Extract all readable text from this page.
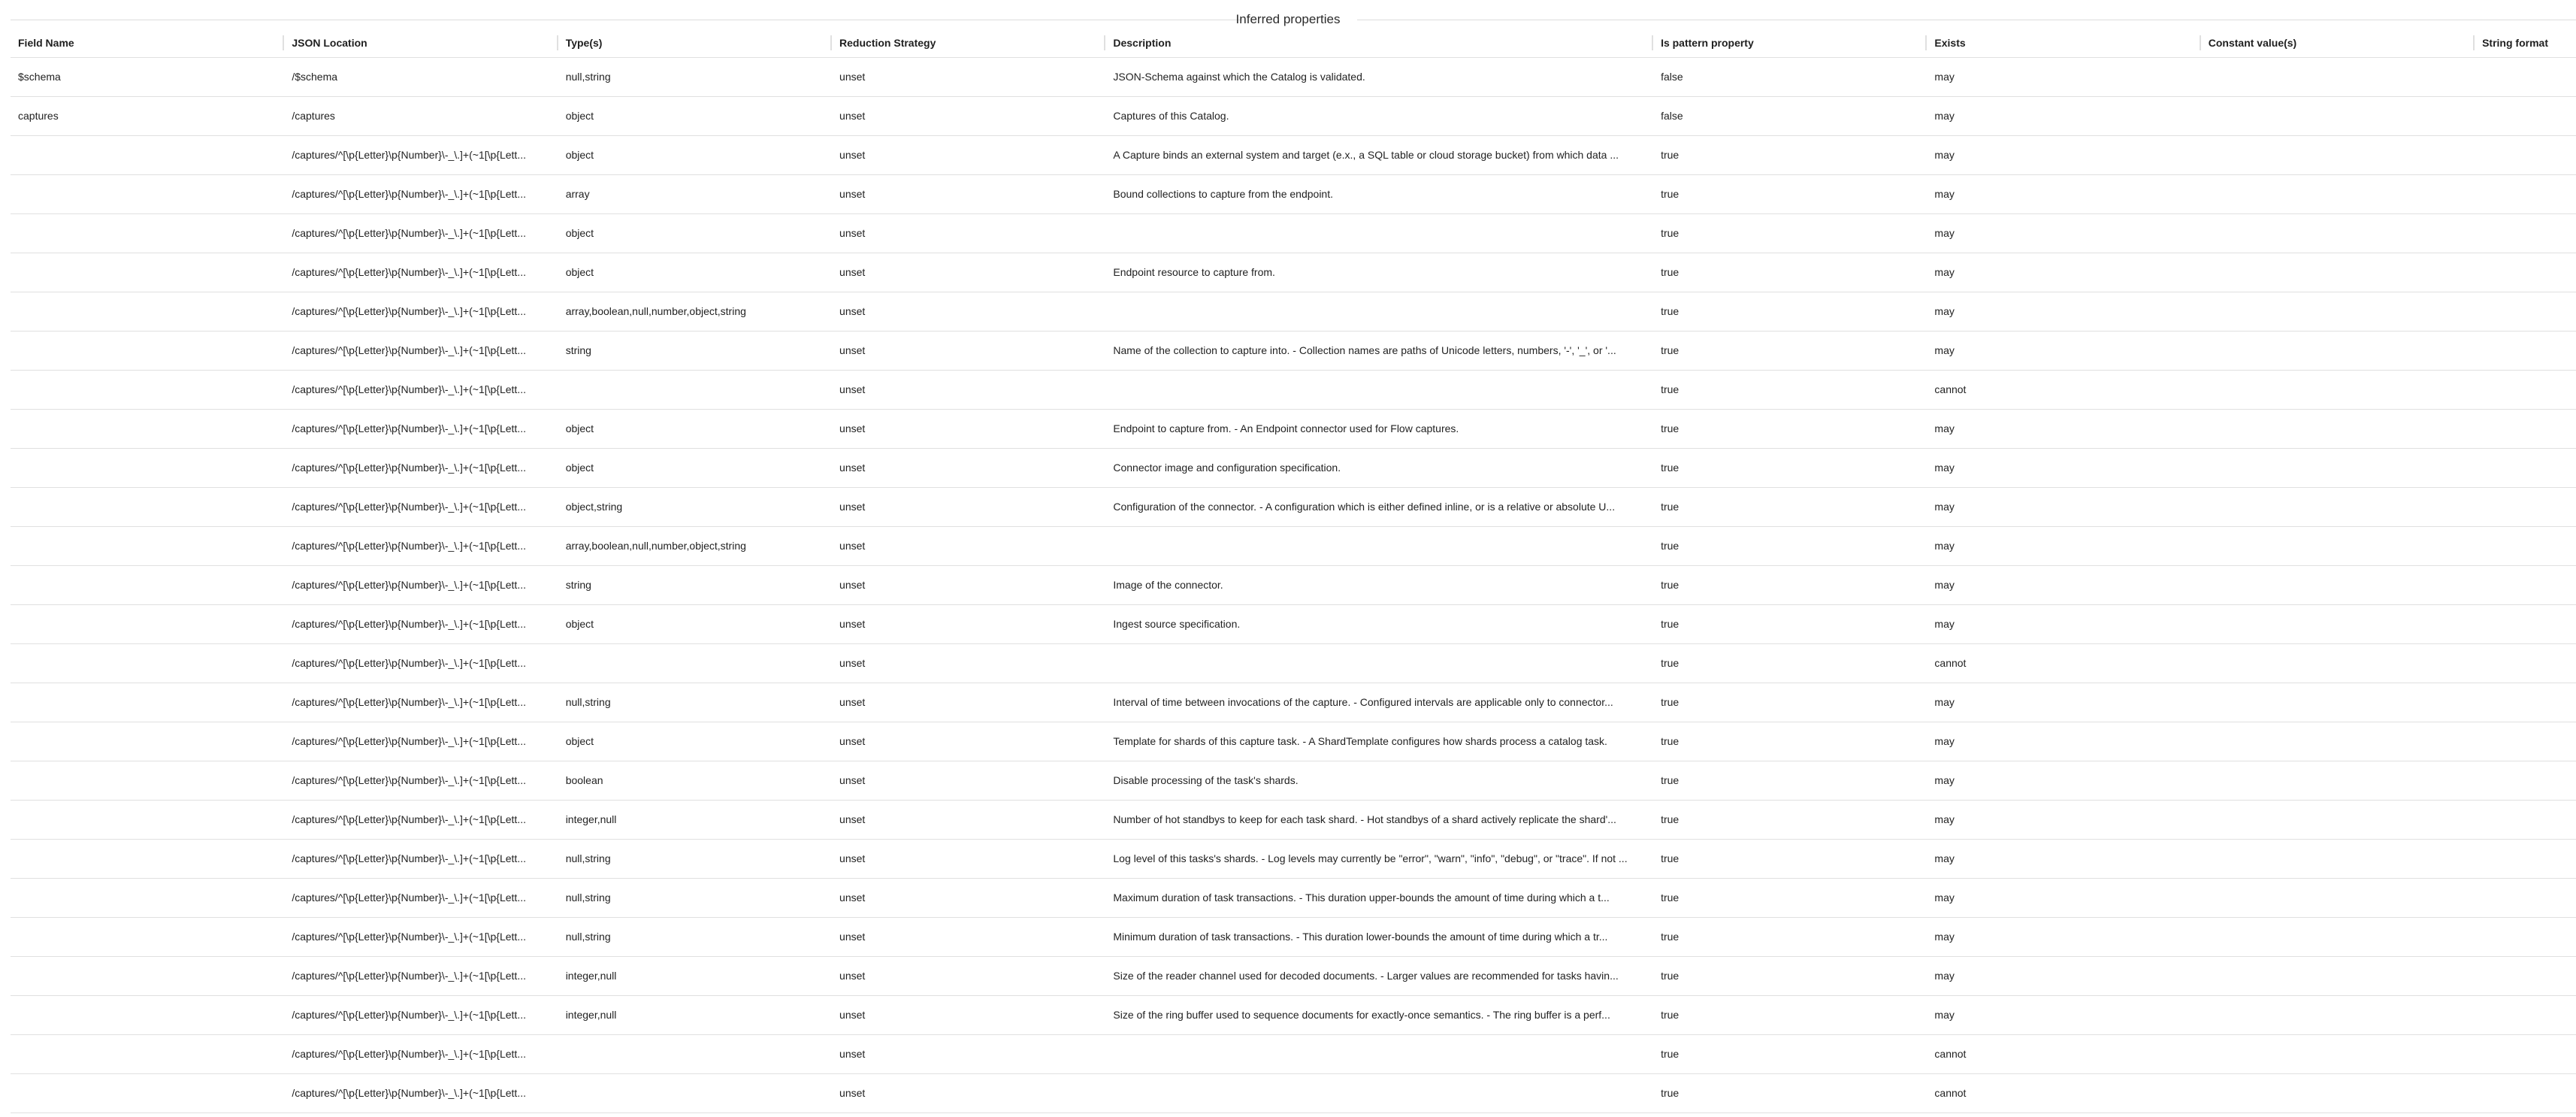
Inferred properties
Field Name	JSON Location	Type(s)	Reduction Strategy	Description	Is pattern property	Exists	Constant value(s)	String format
$schema	/$schema	null,string	unset	JSON-Schema against which the Catalog is validated.	false	may		
captures	/captures	object	unset	Captures of this Catalog.	false	may		
	/captures/^[\p{Letter}\p{Number}\-_\.]+(~1[\p{Lett...	object	unset	A Capture binds an external system and target (e.x., a SQL table or cloud storage bucket) from which data ...	true	may		
	/captures/^[\p{Letter}\p{Number}\-_\.]+(~1[\p{Lett...	array	unset	Bound collections to capture from the endpoint.	true	may		
	/captures/^[\p{Letter}\p{Number}\-_\.]+(~1[\p{Lett...	object	unset		true	may		
	/captures/^[\p{Letter}\p{Number}\-_\.]+(~1[\p{Lett...	object	unset	Endpoint resource to capture from.	true	may		
	/captures/^[\p{Letter}\p{Number}\-_\.]+(~1[\p{Lett...	array,boolean,null,number,object,string	unset		true	may		
	/captures/^[\p{Letter}\p{Number}\-_\.]+(~1[\p{Lett...	string	unset	Name of the collection to capture into. - Collection names are paths of Unicode letters, numbers, '-', '_', or '...	true	may		
	/captures/^[\p{Letter}\p{Number}\-_\.]+(~1[\p{Lett...		unset		true	cannot		
	/captures/^[\p{Letter}\p{Number}\-_\.]+(~1[\p{Lett...	object	unset	Endpoint to capture from. - An Endpoint connector used for Flow captures.	true	may		
	/captures/^[\p{Letter}\p{Number}\-_\.]+(~1[\p{Lett...	object	unset	Connector image and configuration specification.	true	may		
	/captures/^[\p{Letter}\p{Number}\-_\.]+(~1[\p{Lett...	object,string	unset	Configuration of the connector. - A configuration which is either defined inline, or is a relative or absolute U...	true	may		
	/captures/^[\p{Letter}\p{Number}\-_\.]+(~1[\p{Lett...	array,boolean,null,number,object,string	unset		true	may		
	/captures/^[\p{Letter}\p{Number}\-_\.]+(~1[\p{Lett...	string	unset	Image of the connector.	true	may		
	/captures/^[\p{Letter}\p{Number}\-_\.]+(~1[\p{Lett...	object	unset	Ingest source specification.	true	may		
	/captures/^[\p{Letter}\p{Number}\-_\.]+(~1[\p{Lett...		unset		true	cannot		
	/captures/^[\p{Letter}\p{Number}\-_\.]+(~1[\p{Lett...	null,string	unset	Interval of time between invocations of the capture. - Configured intervals are applicable only to connector...	true	may		
	/captures/^[\p{Letter}\p{Number}\-_\.]+(~1[\p{Lett...	object	unset	Template for shards of this capture task. - A ShardTemplate configures how shards process a catalog task.	true	may		
	/captures/^[\p{Letter}\p{Number}\-_\.]+(~1[\p{Lett...	boolean	unset	Disable processing of the task's shards.	true	may		
	/captures/^[\p{Letter}\p{Number}\-_\.]+(~1[\p{Lett...	integer,null	unset	Number of hot standbys to keep for each task shard. - Hot standbys of a shard actively replicate the shard'...	true	may		
	/captures/^[\p{Letter}\p{Number}\-_\.]+(~1[\p{Lett...	null,string	unset	Log level of this tasks's shards. - Log levels may currently be "error", "warn", "info", "debug", or "trace". If not ...	true	may		
	/captures/^[\p{Letter}\p{Number}\-_\.]+(~1[\p{Lett...	null,string	unset	Maximum duration of task transactions. - This duration upper-bounds the amount of time during which a t...	true	may		
	/captures/^[\p{Letter}\p{Number}\-_\.]+(~1[\p{Lett...	null,string	unset	Minimum duration of task transactions. - This duration lower-bounds the amount of time during which a tr...	true	may		
	/captures/^[\p{Letter}\p{Number}\-_\.]+(~1[\p{Lett...	integer,null	unset	Size of the reader channel used for decoded documents. - Larger values are recommended for tasks havin...	true	may		
	/captures/^[\p{Letter}\p{Number}\-_\.]+(~1[\p{Lett...	integer,null	unset	Size of the ring buffer used to sequence documents for exactly-once semantics. - The ring buffer is a perf...	true	may		
	/captures/^[\p{Letter}\p{Number}\-_\.]+(~1[\p{Lett...		unset		true	cannot		
	/captures/^[\p{Letter}\p{Number}\-_\.]+(~1[\p{Lett...		unset		true	cannot		
